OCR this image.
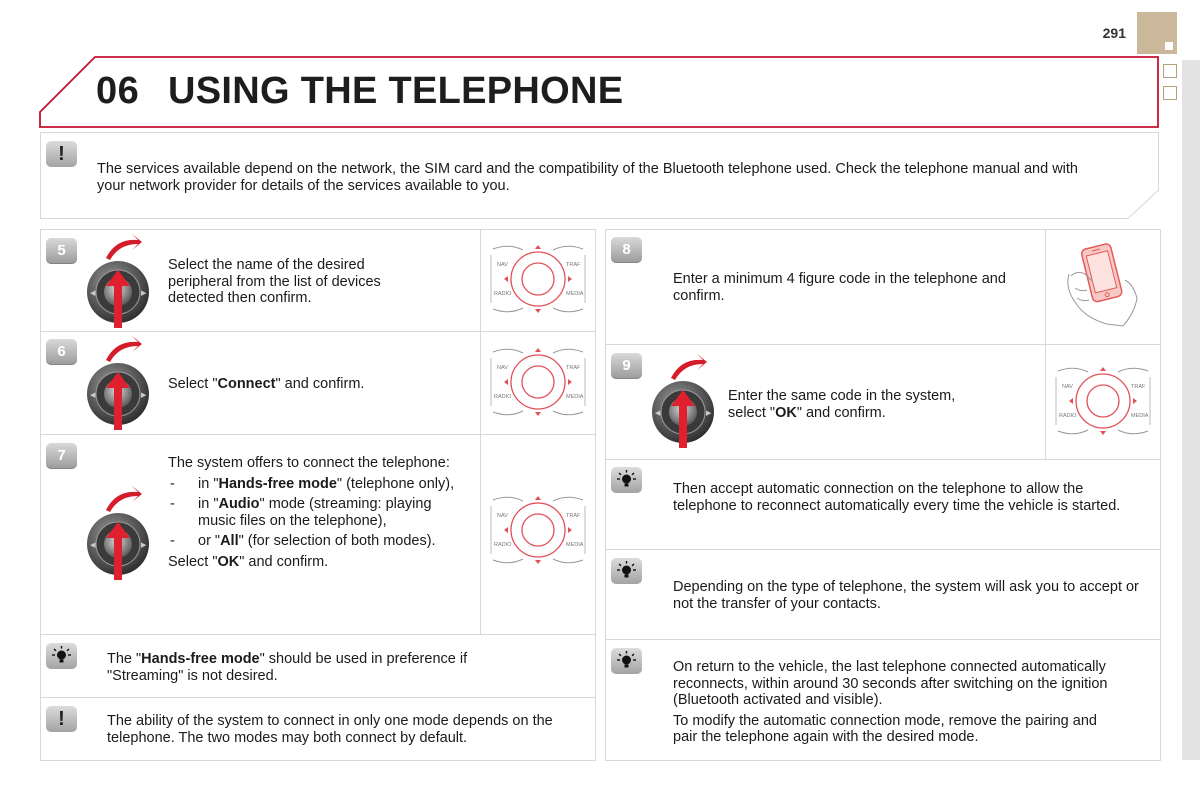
291
06 USING THE TELEPHONE
!
The services available depend on the network, the SIM card and the compatibility of the Bluetooth telephone used. Check the telephone manual and with your network provider for details of the services available to you.
5
◀	▶
Select the name of the desired peripheral from the list of devices detected then confirm.
NAV	TRAF
RADIO	MEDIA
6
◀	▶
Select "Connect" and confirm.
NAV	TRAF
RADIO	MEDIA
7
◀	▶

The system offers to connect the telephone:

-	in "Hands-free mode" (telephone only),
-	in "Audio" mode (streaming: playing music files on the telephone),
-	or "All" (for selection of both modes).

Select "OK" and confirm.

NAV	TRAF
RADIO	MEDIA
The "Hands-free mode" should be used in preference if "Streaming" is not desired.
!	The ability of the system to connect in only one mode depends on the telephone. The two modes may both connect by default.
8
Enter a minimum 4 figure code in the telephone and confirm.
9
◀	▶

Enter the same code in the system,

select "OK" and confirm.

NAV	TRAF
RADIO	MEDIA
Then accept automatic connection on the telephone to allow the telephone to reconnect automatically every time the vehicle is started.
Depending on the type of telephone, the system will ask you to accept or not the transfer of your contacts.

On return to the vehicle, the last telephone connected automatically reconnects, within around 30 seconds after switching on the ignition (Bluetooth activated and visible).

To modify the automatic connection mode, remove the pairing and pair the telephone again with the desired mode.
